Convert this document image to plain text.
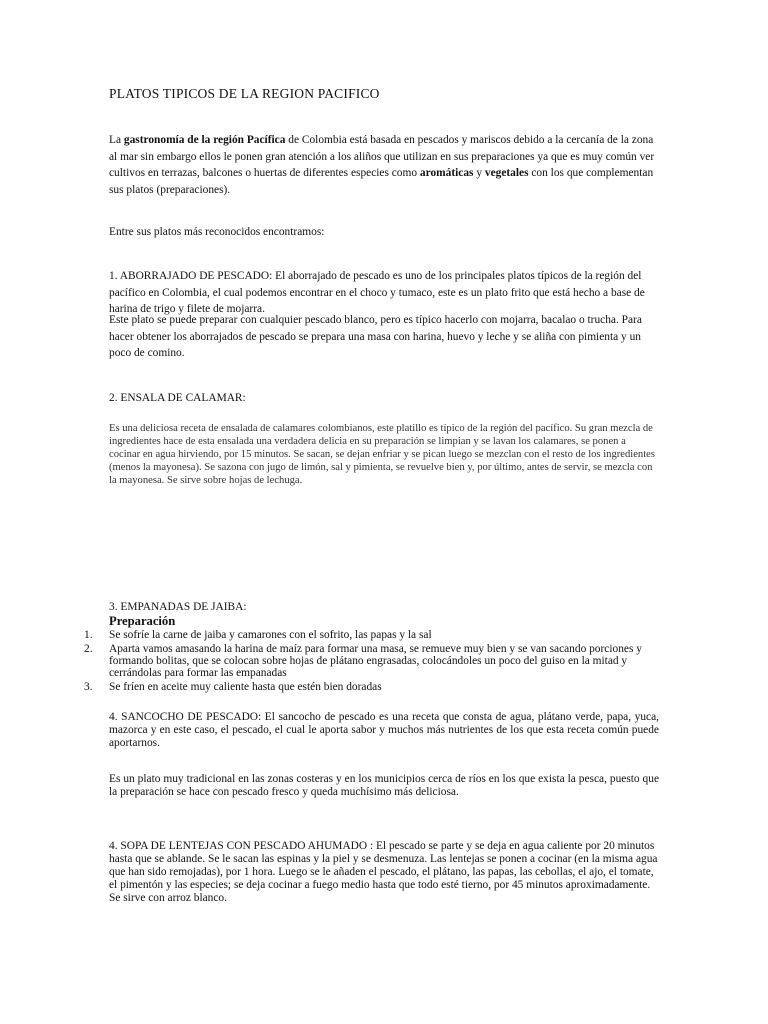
PLATOS TIPICOS DE LA REGION PACIFICO

La gastronomía de la región Pacífica de Colombia está basada en pescados y mariscos debido a la cercanía de la zona al mar sin embargo ellos le ponen gran atención a los aliños que utilizan en sus preparaciones ya que es muy común ver cultivos en terrazas, balcones o huertas de diferentes especies como aromáticas y vegetales con los que complementan sus platos (preparaciones).

Entre sus platos más reconocidos encontramos:

1. ABORRAJADO DE PESCADO: El aborrajado de pescado es uno de los principales platos típicos de la región del pacífico en Colombia, el cual podemos encontrar en el choco y tumaco, este es un plato frito que está hecho a base de harina de trigo y filete de mojarra.

Este plato se puede preparar con cualquier pescado blanco, pero es típico hacerlo con mojarra, bacalao o trucha. Para hacer obtener los aborrajados de pescado se prepara una masa con harina, huevo y leche y se aliña con pimienta y un poco de comino.

2. ENSALA DE CALAMAR:

Es una deliciosa receta de ensalada de calamares colombianos, este platillo es típico de la región del pacífico. Su gran mezcla de ingredientes hace de esta ensalada una verdadera delicia en su preparación se limpian y se lavan los calamares, se ponen a cocinar en agua hirviendo, por 15 minutos. Se sacan, se dejan enfriar y se pican luego se mezclan con el resto de los ingredientes (menos la mayonesa). Se sazona con jugo de limón, sal y pimienta, se revuelve bien y, por último, antes de servir, se mezcla con la mayonesa. Se sirve sobre hojas de lechuga.

3. EMPANADAS DE JAIBA:

Preparación

1. Se sofríe la carne de jaiba y camarones con el sofrito, las papas y la sal
2. Aparta vamos amasando la harina de maíz para formar una masa, se remueve muy bien y se van sacando porciones y formando bolitas, que se colocan sobre hojas de plátano engrasadas, colocándoles un poco del guiso en la mitad y cerrándolas para formar las empanadas
3. Se fríen en aceite muy caliente hasta que estén bien doradas

4. SANCOCHO DE PESCADO: El sancocho de pescado es una receta que consta de agua, plátano verde, papa, yuca, mazorca y en este caso, el pescado, el cual le aporta sabor y muchos más nutrientes de los que esta receta común puede aportarnos.

Es un plato muy tradicional en las zonas costeras y en los municipios cerca de ríos en los que exista la pesca, puesto que la preparación se hace con pescado fresco y queda muchísimo más deliciosa.

4. SOPA DE LENTEJAS CON PESCADO AHUMADO : El pescado se parte y se deja en agua caliente por 20 minutos hasta que se ablande. Se le sacan las espinas y la piel y se desmenuza. Las lentejas se ponen a cocinar (en la misma agua que han sido remojadas), por 1 hora. Luego se le añaden el pescado, el plátano, las papas, las cebollas, el ajo, el tomate, el pimentón y las especies; se deja cocinar a fuego medio hasta que todo esté tierno, por 45 minutos aproximadamente. Se sirve con arroz blanco.
